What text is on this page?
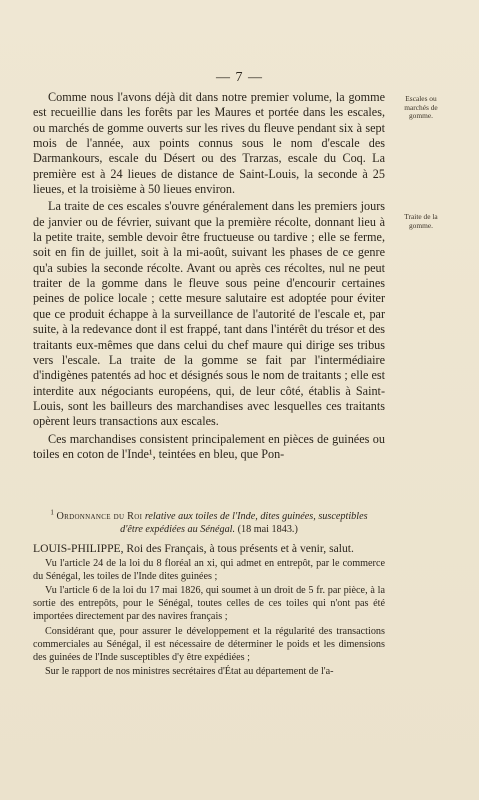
— 7 —
Escales ou marchés de gomme.
Traite de la gomme.

Comme nous l'avons déjà dit dans notre premier volume, la gomme est recueillie dans les forêts par les Maures et portée dans les escales, ou marchés de gomme ouverts sur les rives du fleuve pendant six à sept mois de l'année, aux points connus sous le nom d'escale des Darmankours, escale du Désert ou des Trarzas, escale du Coq. La première est à 24 lieues de distance de Saint-Louis, la seconde à 25 lieues, et la troisième à 50 lieues environ.

La traite de ces escales s'ouvre généralement dans les premiers jours de janvier ou de février, suivant que la première récolte, donnant lieu à la petite traite, semble devoir être fructueuse ou tardive ; elle se ferme, soit en fin de juillet, soit à la mi-août, suivant les phases de ce genre qu'a subies la seconde récolte. Avant ou après ces récoltes, nul ne peut traiter de la gomme dans le fleuve sous peine d'encourir certaines peines de police locale ; cette mesure salutaire est adoptée pour éviter que ce produit échappe à la surveillance de l'autorité de l'escale et, par suite, à la redevance dont il est frappé, tant dans l'intérêt du trésor et des traitants eux-mêmes que dans celui du chef maure qui dirige ses tribus vers l'escale. La traite de la gomme se fait par l'intermédiaire d'indigènes patentés ad hoc et désignés sous le nom de traitants ; elle est interdite aux négociants européens, qui, de leur côté, établis à Saint-Louis, sont les bailleurs des marchandises avec lesquelles ces traitants opèrent leurs transactions aux escales.

Ces marchandises consistent principalement en pièces de guinées ou toiles en coton de l'Inde¹, teintées en bleu, que Pon-

$^1$ Ordonnance du Roi relative aux toiles de l'Inde, dites guinées, susceptibles d'être expédiées au Sénégal. (18 mai 1843.)

LOUIS-PHILIPPE, Roi des Français, à tous présents et à venir, salut.

Vu l'article 24 de la loi du 8 floréal an xi, qui admet en entrepôt, par le commerce du Sénégal, les toiles de l'Inde dites guinées ;

Vu l'article 6 de la loi du 17 mai 1826, qui soumet à un droit de 5 fr. par pièce, à la sortie des entrepôts, pour le Sénégal, toutes celles de ces toiles qui n'ont pas été importées directement par des navires français ;

Considérant que, pour assurer le développement et la régularité des transactions commerciales au Sénégal, il est nécessaire de déterminer le poids et les dimensions des guinées de l'Inde susceptibles d'y être expédiées ;

Sur le rapport de nos ministres secrétaires d'État au département de l'a-
